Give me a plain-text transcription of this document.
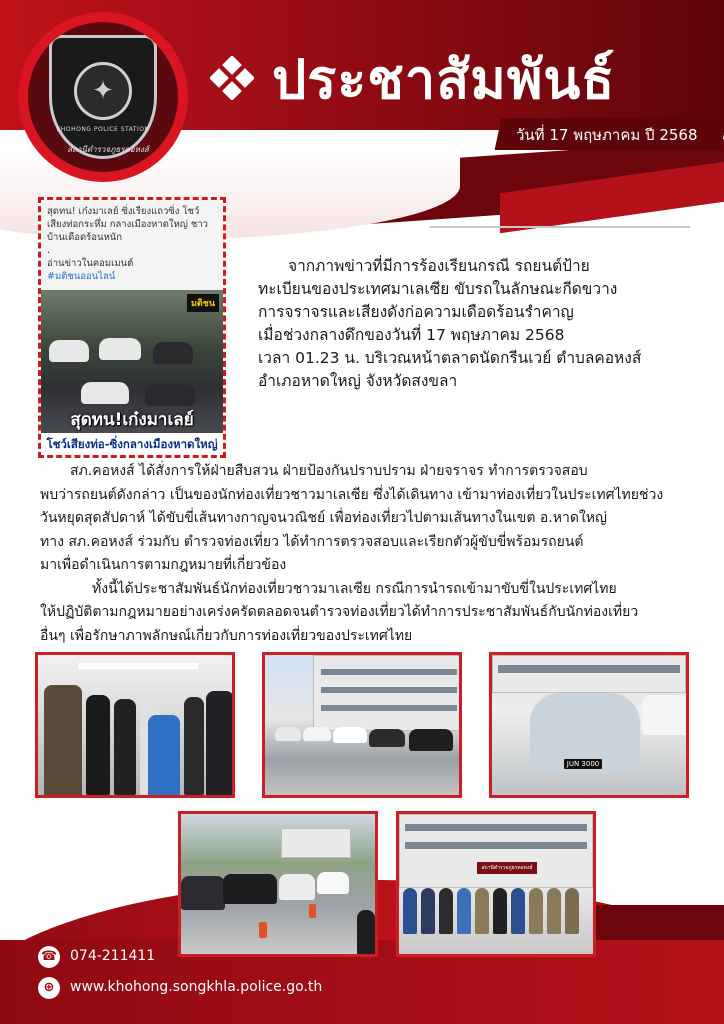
✦
KHOHONG POLICE STATION
สถานีตำรวจภูธรคอหงส์
ประชาสัมพันธ์
วันที่ 17 พฤษภาคม ปี 2568
สุดทน! เก๋งมาเลย์ ซิ่งเรียงแถวซิ่ง โชว์เสียงท่อกระหึ่ม กลางเมืองหาดใหญ่ ชาวบ้านเดือดร้อนหนัก
.
อ่านข่าวในคอมเมนต์
#มติชนออนไลน์
มติชน
สุดทน!เก๋งมาเลย์
โชว์เสียงท่อ-ซิ่งกลางเมืองหาดใหญ่

จากภาพข่าวที่มีการร้องเรียนกรณี รถยนต์ป้าย

ทะเบียนของประเทศมาเลเซีย ขับรถในลักษณะกีดขวาง

การจราจรและเสียงดังก่อความเดือดร้อนรำคาญ

เมื่อช่วงกลางดึกของวันที่ 17 พฤษภาคม 2568

เวลา 01.23 น. บริเวณหน้าตลาดนัดกรีนเวย์ ตำบลคอหงส์

อำเภอหาดใหญ่ จังหวัดสงขลา

สภ.คอหงส์ ได้สั่งการให้ฝ่ายสืบสวน ฝ่ายป้องกันปราบปราม ฝ่ายจราจร ทำการตรวจสอบ

พบว่ารถยนต์ดังกล่าว เป็นของนักท่องเที่ยวชาวมาเลเซีย ซึ่งได้เดินทาง เข้ามาท่องเที่ยวในประเทศไทยช่วง

วันหยุดสุดสัปดาห์ ได้ขับขี่เส้นทางกาญจนวณิชย์ เพื่อท่องเที่ยวไปตามเส้นทางในเขต อ.หาดใหญ่

ทาง สภ.คอหงส์ ร่วมกับ ตำรวจท่องเที่ยว ได้ทำการตรวจสอบและเรียกตัวผู้ขับขี่พร้อมรถยนต์

มาเพื่อดำเนินการตามกฎหมายที่เกี่ยวข้อง

ทั้งนี้ได้ประชาสัมพันธ์นักท่องเที่ยวชาวมาเลเซีย กรณีการนำรถเข้ามาขับขี่ในประเทศไทย

ให้ปฏิบัติตามกฎหมายอย่างเคร่งครัดตลอดจนตำรวจท่องเที่ยวได้ทำการประชาสัมพันธ์กับนักท่องเที่ยว

อื่นๆ เพื่อรักษาภาพลักษณ์เกี่ยวกับการท่องเที่ยวของประเทศไทย

JUN 3000
สถานีตำรวจภูธรคอหงส์
☎ 074-211411
⊕	www.khohong.songkhla.police.go.th
